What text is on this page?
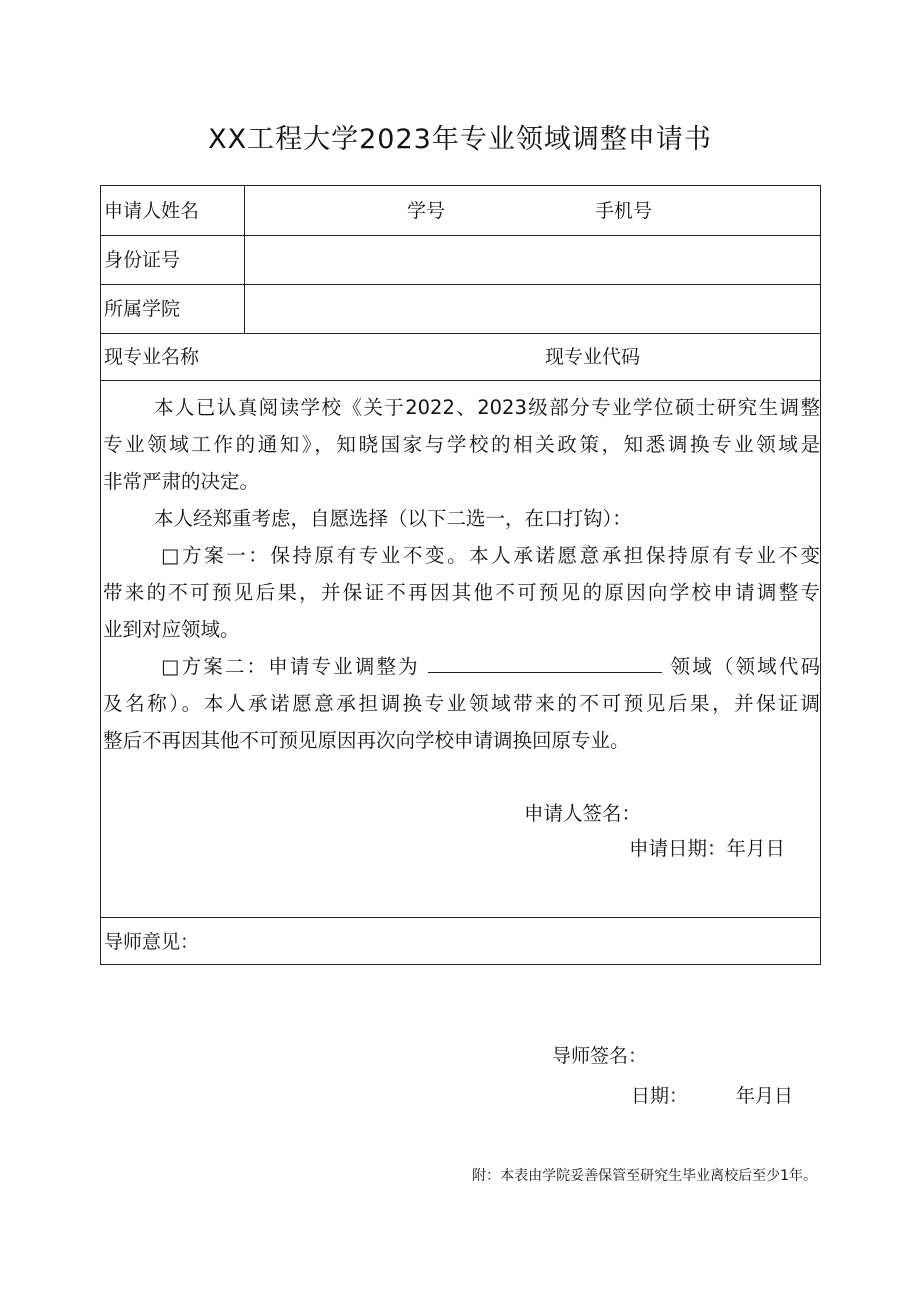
XX工程大学2023年专业领域调整申请书
申请人姓名	学号	手机号
身份证号
所属学院
现专业名称	现专业代码
本人已认真阅读学校《关于2022、2023级部分专业学位硕士研究生调整
专业领域工作的通知》，知晓国家与学校的相关政策，知悉调换专业领域是
非常严肃的决定。
本人经郑重考虑，自愿选择（以下二选一，在口打钩）：
□方案一：保持原有专业不变。本人承诺愿意承担保持原有专业不变
带来的不可预见后果，并保证不再因其他不可预见的原因向学校申请调整专
业到对应领域。
□方案二：申请专业调整为	领域（领域代码
及名称）。本人承诺愿意承担调换专业领域带来的不可预见后果，并保证调
整后不再因其他不可预见原因再次向学校申请调换回原专业。
申请人签名：
申请日期：年月日
导师意见：
导师签名：
日期：	年月日
附：本表由学院妥善保管至研究生毕业离校后至少1年。
